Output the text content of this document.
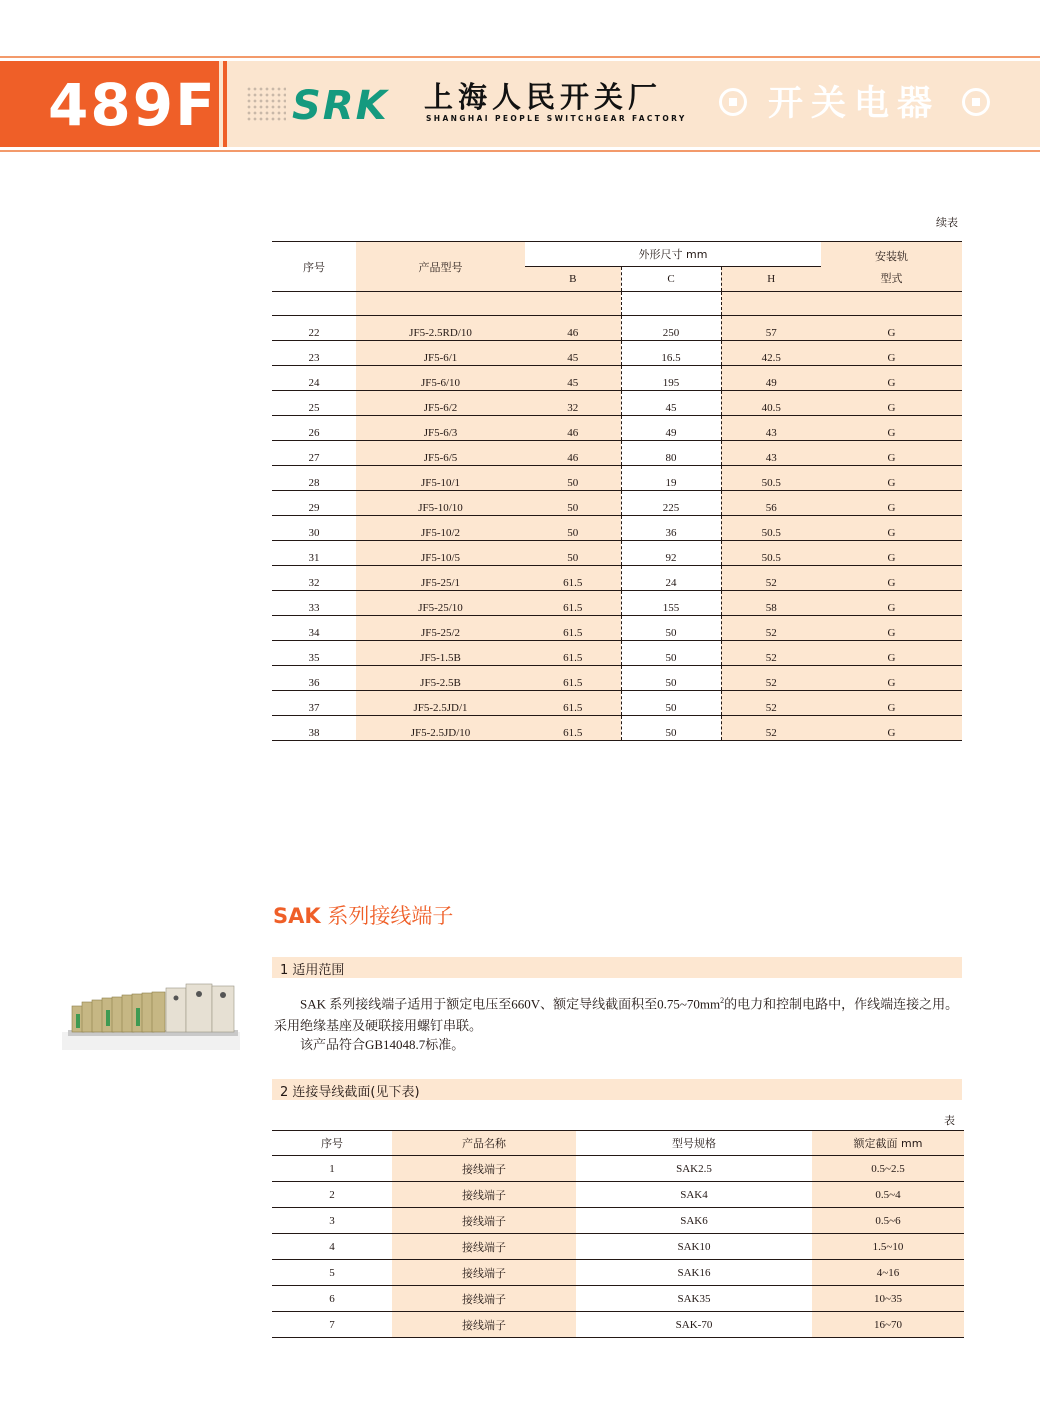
489F SRK 上海人民开关厂
SHANGHAI PEOPLE SWITCHGEAR FACTORY 开关电器
续表
序号	产品型号	外形尺寸 mm			安装轨
型式

		B	C	H	

22	JF5-2.5RD/10	46	250	57	G
23	JF5-6/1	45	16.5	42.5	G
24	JF5-6/10	45	195	49	G
25	JF5-6/2	32	45	40.5	G
26	JF5-6/3	46	49	43	G
27	JF5-6/5	46	80	43	G
28	JF5-10/1	50	19	50.5	G
29	JF5-10/10	50	225	56	G
30	JF5-10/2	50	36	50.5	G
31	JF5-10/5	50	92	50.5	G
32	JF5-25/1	61.5	24	52	G
33	JF5-25/10	61.5	155	58	G
34	JF5-25/2	61.5	50	52	G
35	JF5-1.5B	61.5	50	52	G
36	JF5-2.5B	61.5	50	52	G
37	JF5-2.5JD/1	61.5	50	52	G
38	JF5-2.5JD/10	61.5	50	52	G
SAK 系列接线端子
1 适用范围

SAK 系列接线端子适用于额定电压至660V、额定导线截面积至$0.75\sim 70mm^2$的电力和控制电路中，作线端连接之用。采用绝缘基座及硬联接用螺钉串联。

该产品符合GB14048.7标准。

2 连接导线截面(见下表)
表
序号	产品名称	型号规格	额定截面 mm
1	接线端子	SAK2.5	0.5~2.5
2	接线端子	SAK4	0.5~4
3	接线端子	SAK6	0.5~6
4	接线端子	SAK10	1.5~10
5	接线端子	SAK16	4~16
6	接线端子	SAK35	10~35
7	接线端子	SAK-70	16~70
